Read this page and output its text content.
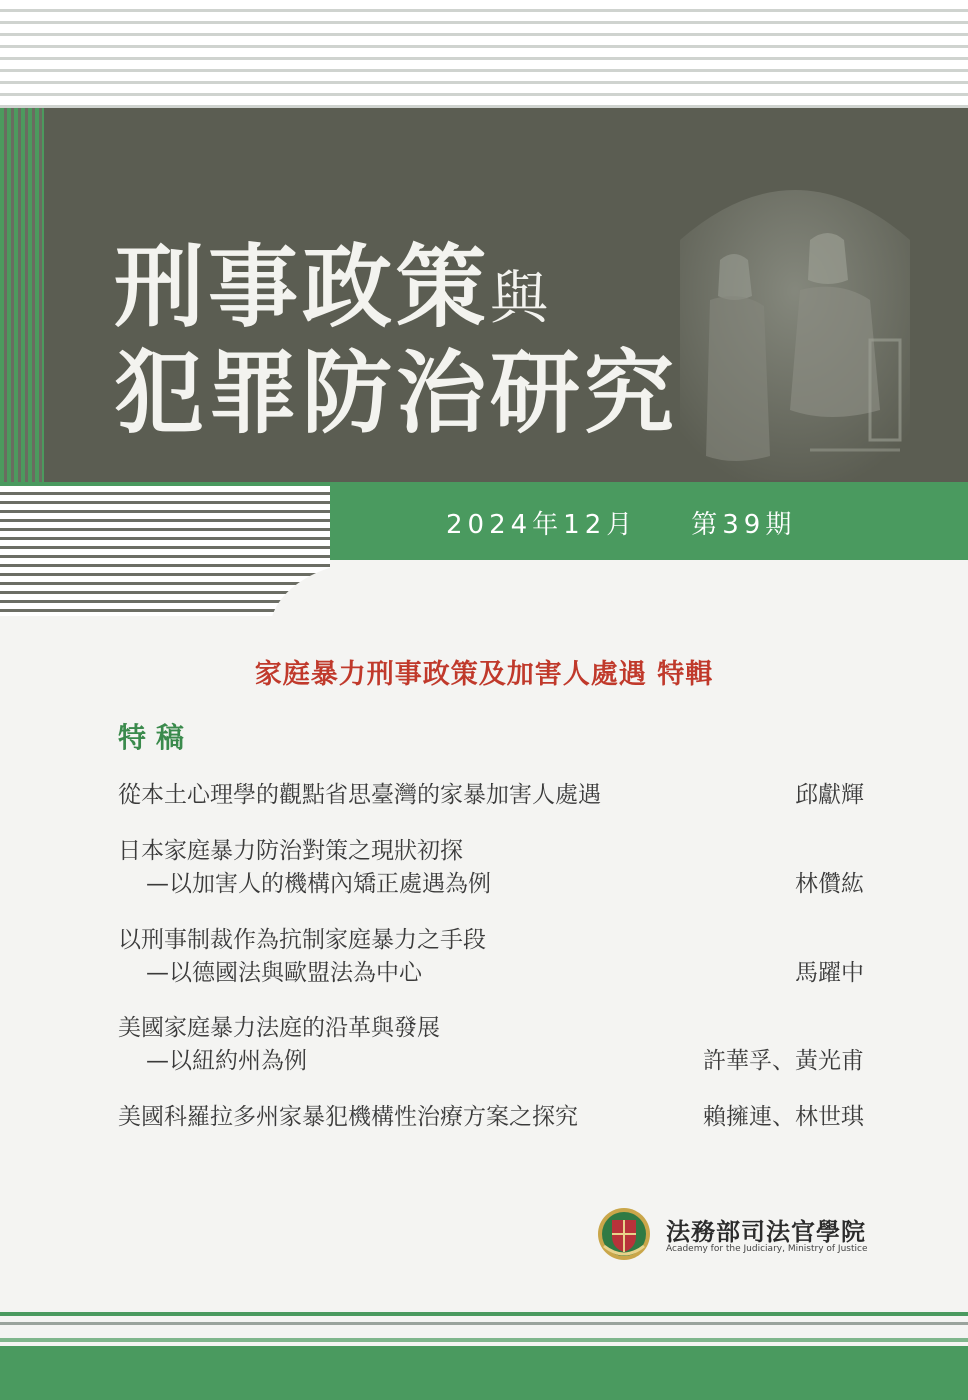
刑事政策與
犯罪防治研究
2024年12月 第39期
家庭暴力刑事政策及加害人處遇 特輯
特稿
從本土心理學的觀點省思臺灣的家暴加害人處遇	邱獻輝
日本家庭暴力防治對策之現狀初探
—以加害人的機構內矯正處遇為例	林儹紘
以刑事制裁作為抗制家庭暴力之手段
—以德國法與歐盟法為中心	馬躍中
美國家庭暴力法庭的沿革與發展
—以紐約州為例	許華孚、黃光甫
美國科羅拉多州家暴犯機構性治療方案之探究	賴擁連、林世琪
法務部司法官學院
Academy for the Judiciary, Ministry of Justice
